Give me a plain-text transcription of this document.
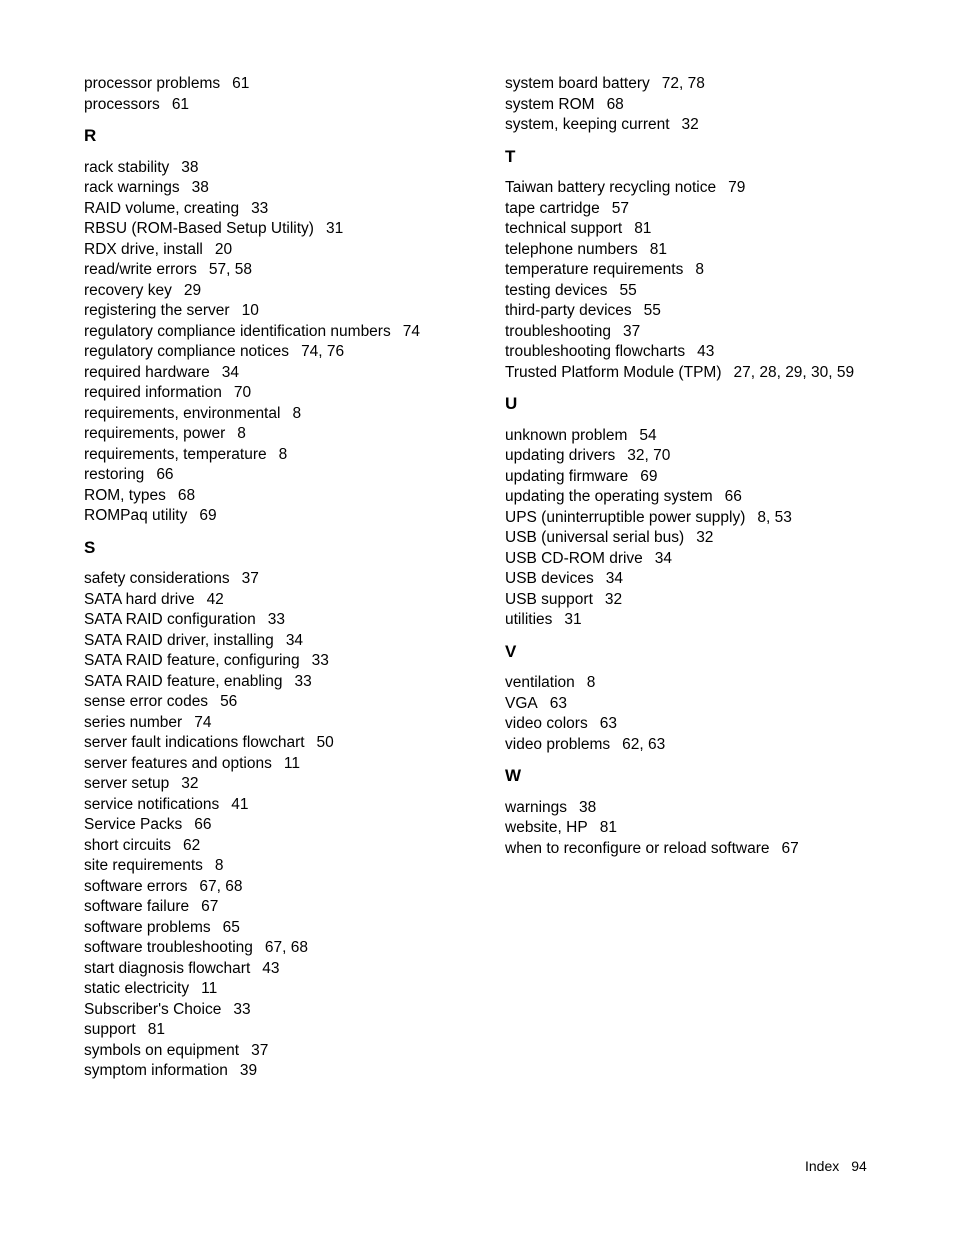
processor problems 61
processors 61
R
rack stability 38
rack warnings 38
RAID volume, creating 33
RBSU (ROM-Based Setup Utility) 31
RDX drive, install 20
read/write errors 57, 58
recovery key 29
registering the server 10
regulatory compliance identification numbers 74
regulatory compliance notices 74, 76
required hardware 34
required information 70
requirements, environmental 8
requirements, power 8
requirements, temperature 8
restoring 66
ROM, types 68
ROMPaq utility 69
S
safety considerations 37
SATA hard drive 42
SATA RAID configuration 33
SATA RAID driver, installing 34
SATA RAID feature, configuring 33
SATA RAID feature, enabling 33
sense error codes 56
series number 74
server fault indications flowchart 50
server features and options 11
server setup 32
service notifications 41
Service Packs 66
short circuits 62
site requirements 8
software errors 67, 68
software failure 67
software problems 65
software troubleshooting 67, 68
start diagnosis flowchart 43
static electricity 11
Subscriber's Choice 33
support 81
symbols on equipment 37
symptom information 39
system board battery 72, 78
system ROM 68
system, keeping current 32
T
Taiwan battery recycling notice 79
tape cartridge 57
technical support 81
telephone numbers 81
temperature requirements 8
testing devices 55
third-party devices 55
troubleshooting 37
troubleshooting flowcharts 43
Trusted Platform Module (TPM) 27, 28, 29, 30, 59
U
unknown problem 54
updating drivers 32, 70
updating firmware 69
updating the operating system 66
UPS (uninterruptible power supply) 8, 53
USB (universal serial bus) 32
USB CD-ROM drive 34
USB devices 34
USB support 32
utilities 31
V
ventilation 8
VGA 63
video colors 63
video problems 62, 63
W
warnings 38
website, HP 81
when to reconfigure or reload software 67
Index 94
